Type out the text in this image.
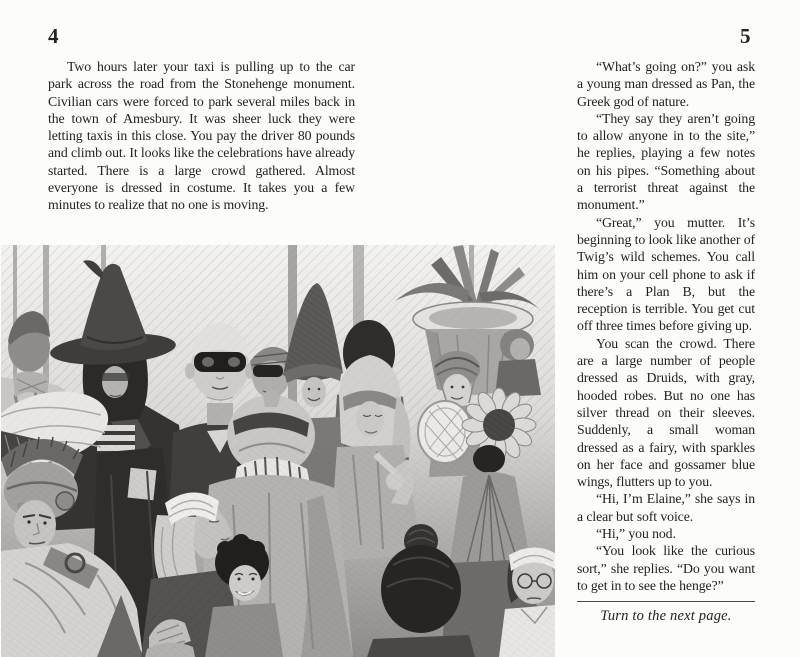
4	5

Two hours later your taxi is pulling up to the car park across the road from the Stonehenge monument. Civilian cars were forced to park several miles back in the town of Amesbury. It was sheer luck they were letting taxis in this close. You pay the driver 80 pounds and climb out. It looks like the celebrations have already started. There is a large crowd gathered. Almost everyone is dressed in costume. It takes you a few minutes to realize that no one is moving.

“What’s going on?” you ask a young man dressed as Pan, the Greek god of nature.

“They say they aren’t going to allow anyone in to the site,” he replies, playing a few notes on his pipes. “Something about a terrorist threat against the monument.”

“Great,” you mutter. It’s beginning to look like another of Twig’s wild schemes. You call him on your cell phone to ask if there’s a Plan B, but the reception is terrible. You get cut off three times before giving up.

You scan the crowd. There are a large number of people dressed as Druids, with gray, hooded robes. But no one has silver thread on their sleeves. Suddenly, a small woman dressed as a fairy, with sparkles on her face and gossamer blue wings, flutters up to you.

“Hi, I’m Elaine,” she says in a clear but soft voice.

“Hi,” you nod.

“You look like the curious sort,” she replies. “Do you want to get in to see the henge?”

Turn to the next page.
